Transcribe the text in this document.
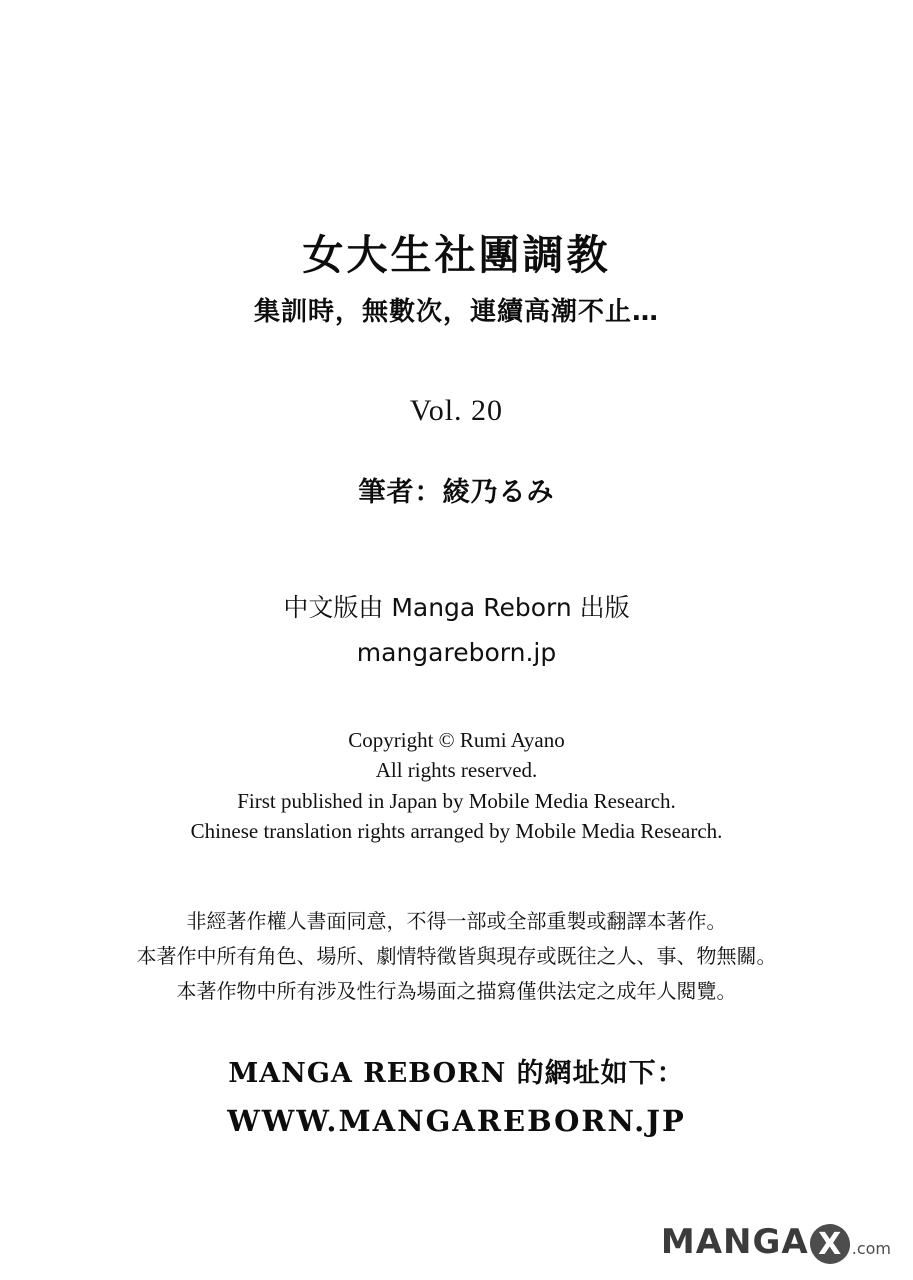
女大生社團調教
集訓時，無數次，連續高潮不止…
Vol. 20
筆者：綾乃るみ
中文版由 Manga Reborn 出版
mangareborn.jp
Copyright © Rumi Ayano
All rights reserved.
First published in Japan by Mobile Media Research.
Chinese translation rights arranged by Mobile Media Research.
非經著作權人書面同意，不得一部或全部重製或翻譯本著作。
本著作中所有角色、場所、劇情特徵皆與現存或既往之人、事、物無關。
本著作物中所有涉及性行為場面之描寫僅供法定之成年人閱覽。
MANGA REBORN 的網址如下：
WWW.MANGAREBORN.JP
MANGA X .com
